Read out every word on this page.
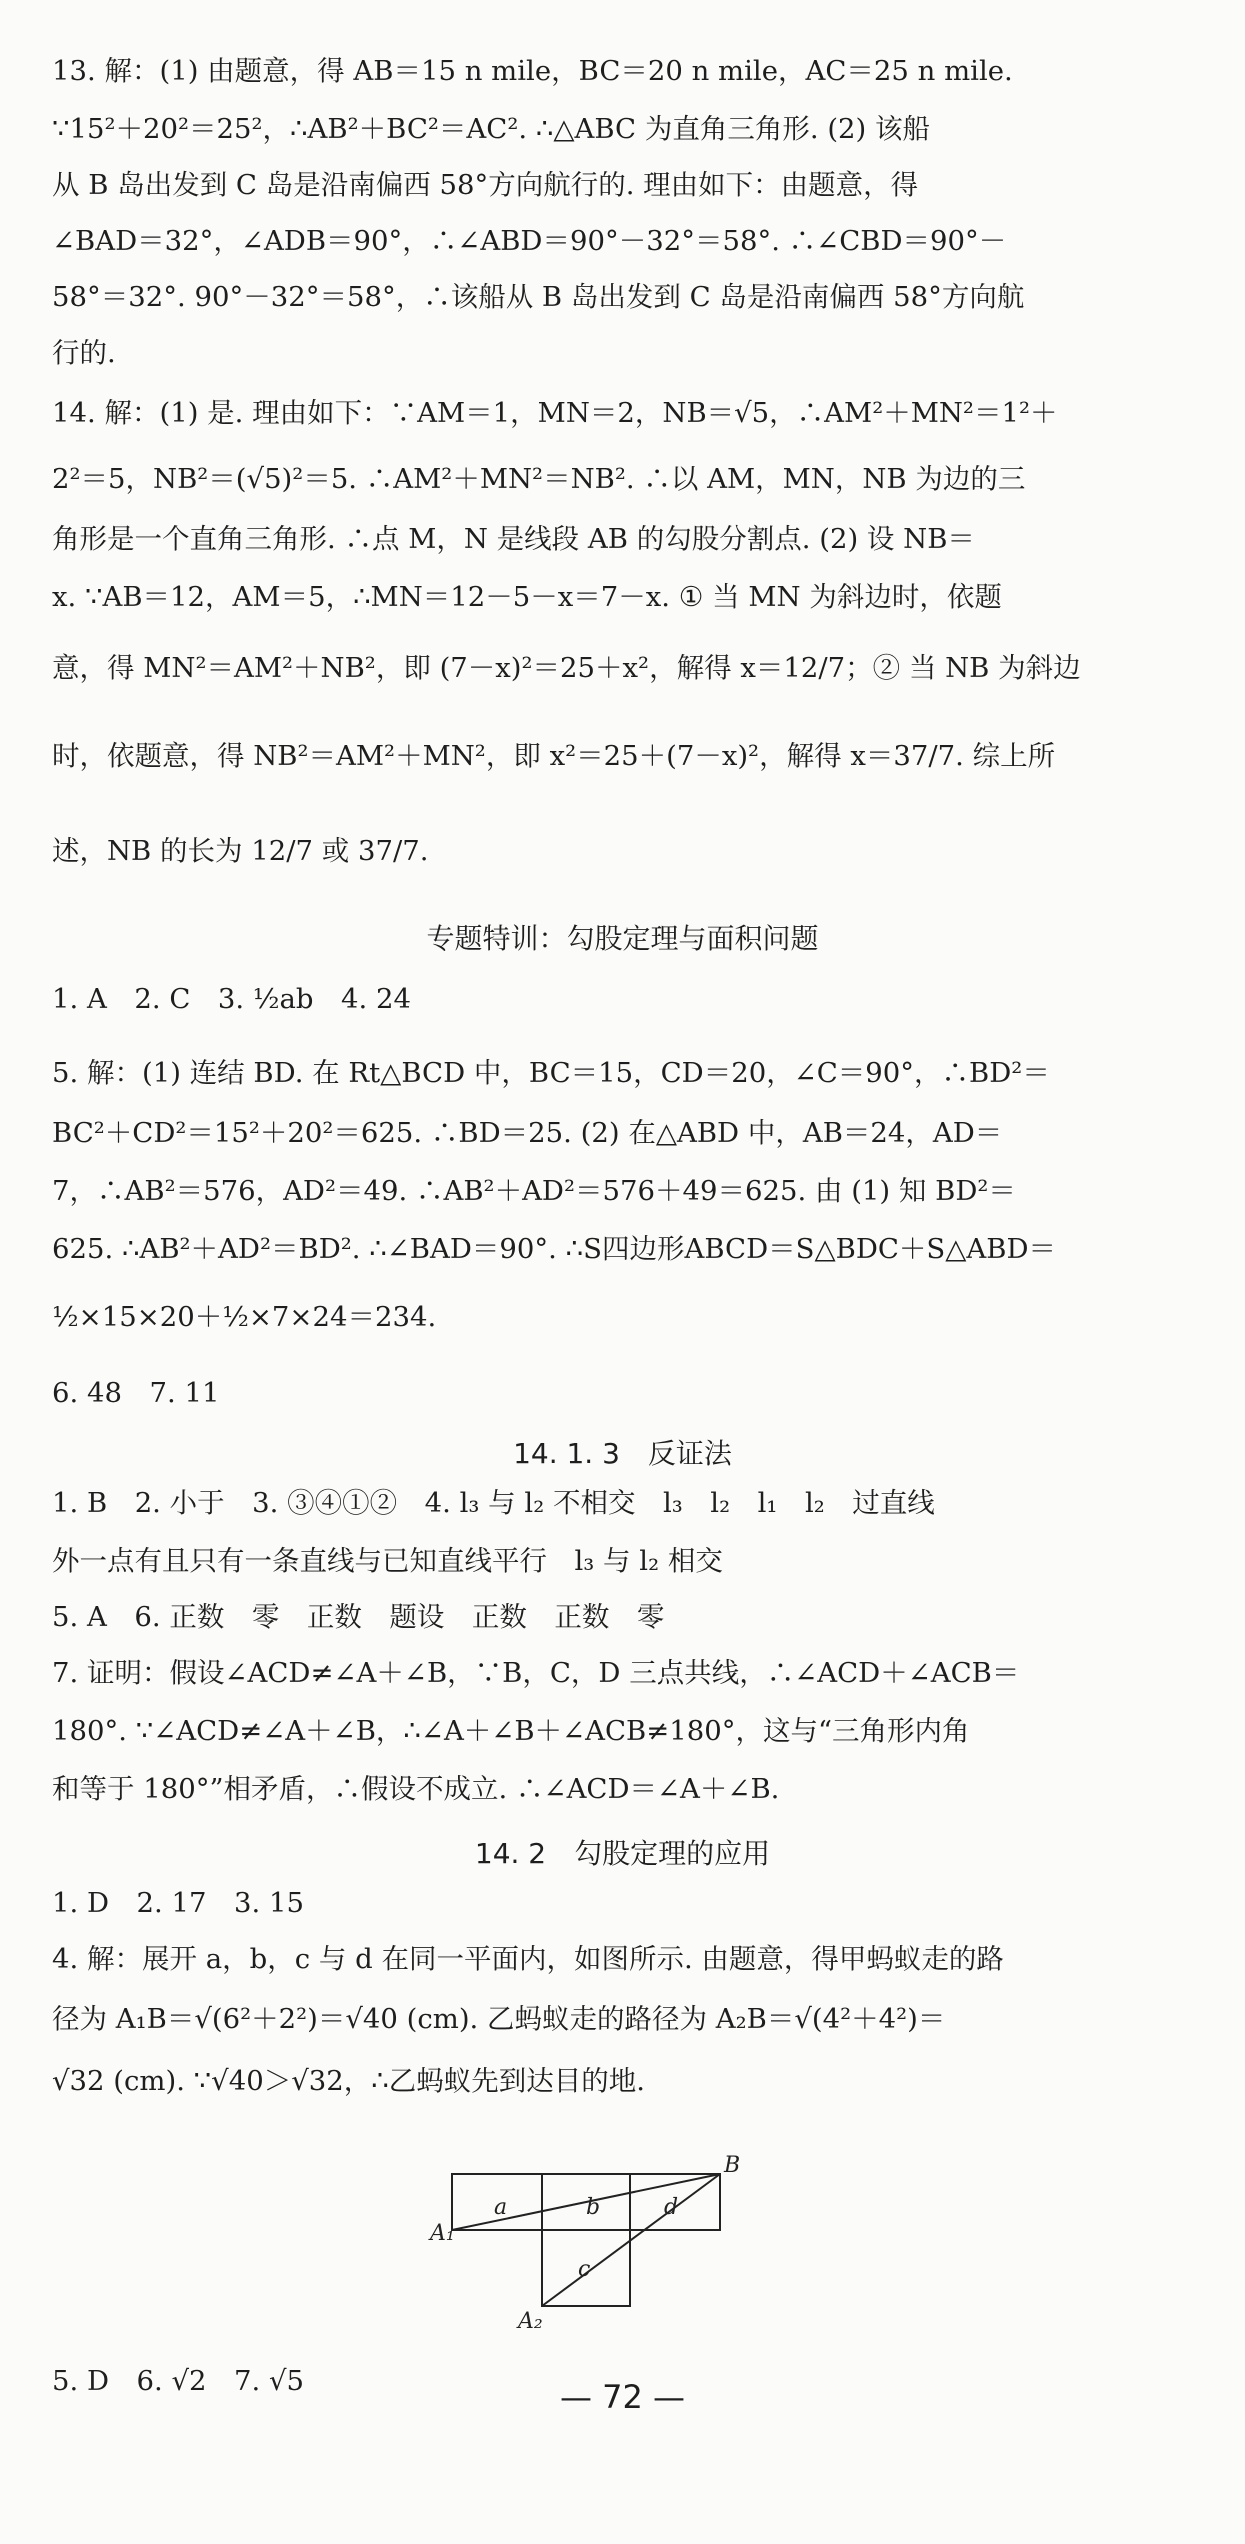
13. 解：(1) 由题意，得 AB＝15 n mile，BC＝20 n mile，AC＝25 n mile.
∵15²＋20²＝25²，∴AB²＋BC²＝AC². ∴△ABC 为直角三角形. (2) 该船
从 B 岛出发到 C 岛是沿南偏西 58°方向航行的. 理由如下：由题意，得
∠BAD＝32°，∠ADB＝90°，∴∠ABD＝90°－32°＝58°. ∴∠CBD＝90°－
58°＝32°. 90°－32°＝58°，∴该船从 B 岛出发到 C 岛是沿南偏西 58°方向航
行的.
14. 解：(1) 是. 理由如下：∵AM＝1，MN＝2，NB＝√5，∴AM²＋MN²＝1²＋
2²＝5，NB²＝(√5)²＝5. ∴AM²＋MN²＝NB². ∴以 AM，MN，NB 为边的三
角形是一个直角三角形. ∴点 M，N 是线段 AB 的勾股分割点. (2) 设 NB＝
x. ∵AB＝12，AM＝5，∴MN＝12－5－x＝7－x. ① 当 MN 为斜边时，依题
意，得 MN²＝AM²＋NB²，即 (7－x)²＝25＋x²，解得 x＝12/7；② 当 NB 为斜边
时，依题意，得 NB²＝AM²＋MN²，即 x²＝25＋(7－x)²，解得 x＝37/7. 综上所
述，NB 的长为 12/7 或 37/7.
1. A　2. C　3. ½ab　4. 24
5. 解：(1) 连结 BD. 在 Rt△BCD 中，BC＝15，CD＝20，∠C＝90°，∴BD²＝
BC²＋CD²＝15²＋20²＝625. ∴BD＝25. (2) 在△ABD 中，AB＝24，AD＝
7，∴AB²＝576，AD²＝49. ∴AB²＋AD²＝576＋49＝625. 由 (1) 知 BD²＝
625. ∴AB²＋AD²＝BD². ∴∠BAD＝90°. ∴S四边形ABCD＝S△BDC＋S△ABD＝
½×15×20＋½×7×24＝234.
6. 48　7. 11
1. B　2. 小于　3. ③④①②　4. l₃ 与 l₂ 不相交　l₃　l₂　l₁　l₂　过直线
外一点有且只有一条直线与已知直线平行　l₃ 与 l₂ 相交
5. A　6. 正数　零　正数　题设　正数　正数　零
7. 证明：假设∠ACD≠∠A＋∠B，∵B，C，D 三点共线，∴∠ACD＋∠ACB＝
180°. ∵∠ACD≠∠A＋∠B，∴∠A＋∠B＋∠ACB≠180°，这与“三角形内角
和等于 180°”相矛盾，∴假设不成立. ∴∠ACD＝∠A＋∠B.
1. D　2. 17　3. 15
4. 解：展开 a，b，c 与 d 在同一平面内，如图所示. 由题意，得甲蚂蚁走的路
径为 A₁B＝√(6²＋2²)＝√40 (cm). 乙蚂蚁走的路径为 A₂B＝√(4²＋4²)＝
√32 (cm). ∵√40＞√32，∴乙蚂蚁先到达目的地.
5. D　6. √2　7. √5
专题特训：勾股定理与面积问题
14. 1. 3　反证法
14. 2　勾股定理的应用
a	b	d
c
A₁
A₂
B
— 72 —
